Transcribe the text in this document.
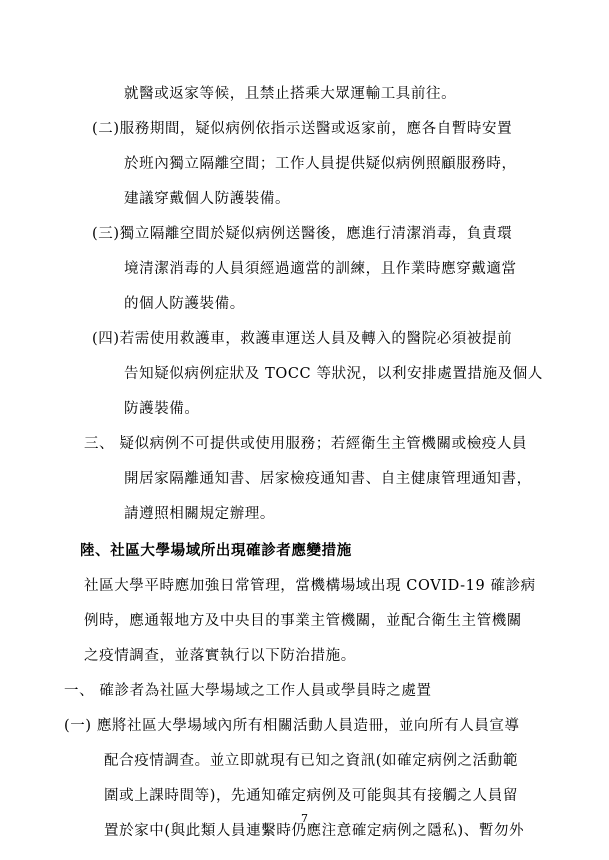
就醫或返家等候，且禁止搭乘大眾運輸工具前往。
(二)服務期間，疑似病例依指示送醫或返家前，應各自暫時安置
於班內獨立隔離空間；工作人員提供疑似病例照顧服務時，
建議穿戴個人防護裝備。
(三)獨立隔離空間於疑似病例送醫後，應進行清潔消毒，負責環
境清潔消毒的人員須經過適當的訓練，且作業時應穿戴適當
的個人防護裝備。
(四)若需使用救護車，救護車運送人員及轉入的醫院必須被提前
告知疑似病例症狀及 TOCC 等狀況，以利安排處置措施及個人
防護裝備。
三、 疑似病例不可提供或使用服務；若經衛生主管機關或檢疫人員
開居家隔離通知書、居家檢疫通知書、自主健康管理通知書，
請遵照相關規定辦理。
陸、社區大學場域所出現確診者應變措施
社區大學平時應加強日常管理，當機構場域出現 COVID-19 確診病
例時，應通報地方及中央目的事業主管機關，並配合衛生主管機關
之疫情調查，並落實執行以下防治措施。
一、 確診者為社區大學場域之工作人員或學員時之處置
(一) 應將社區大學場域內所有相關活動人員造冊，並向所有人員宣導
配合疫情調查。並立即就現有已知之資訊(如確定病例之活動範
圍或上課時間等)，先通知確定病例及可能與其有接觸之人員留
置於家中(與此類人員連繫時仍應注意確定病例之隱私)、暫勿外
7
